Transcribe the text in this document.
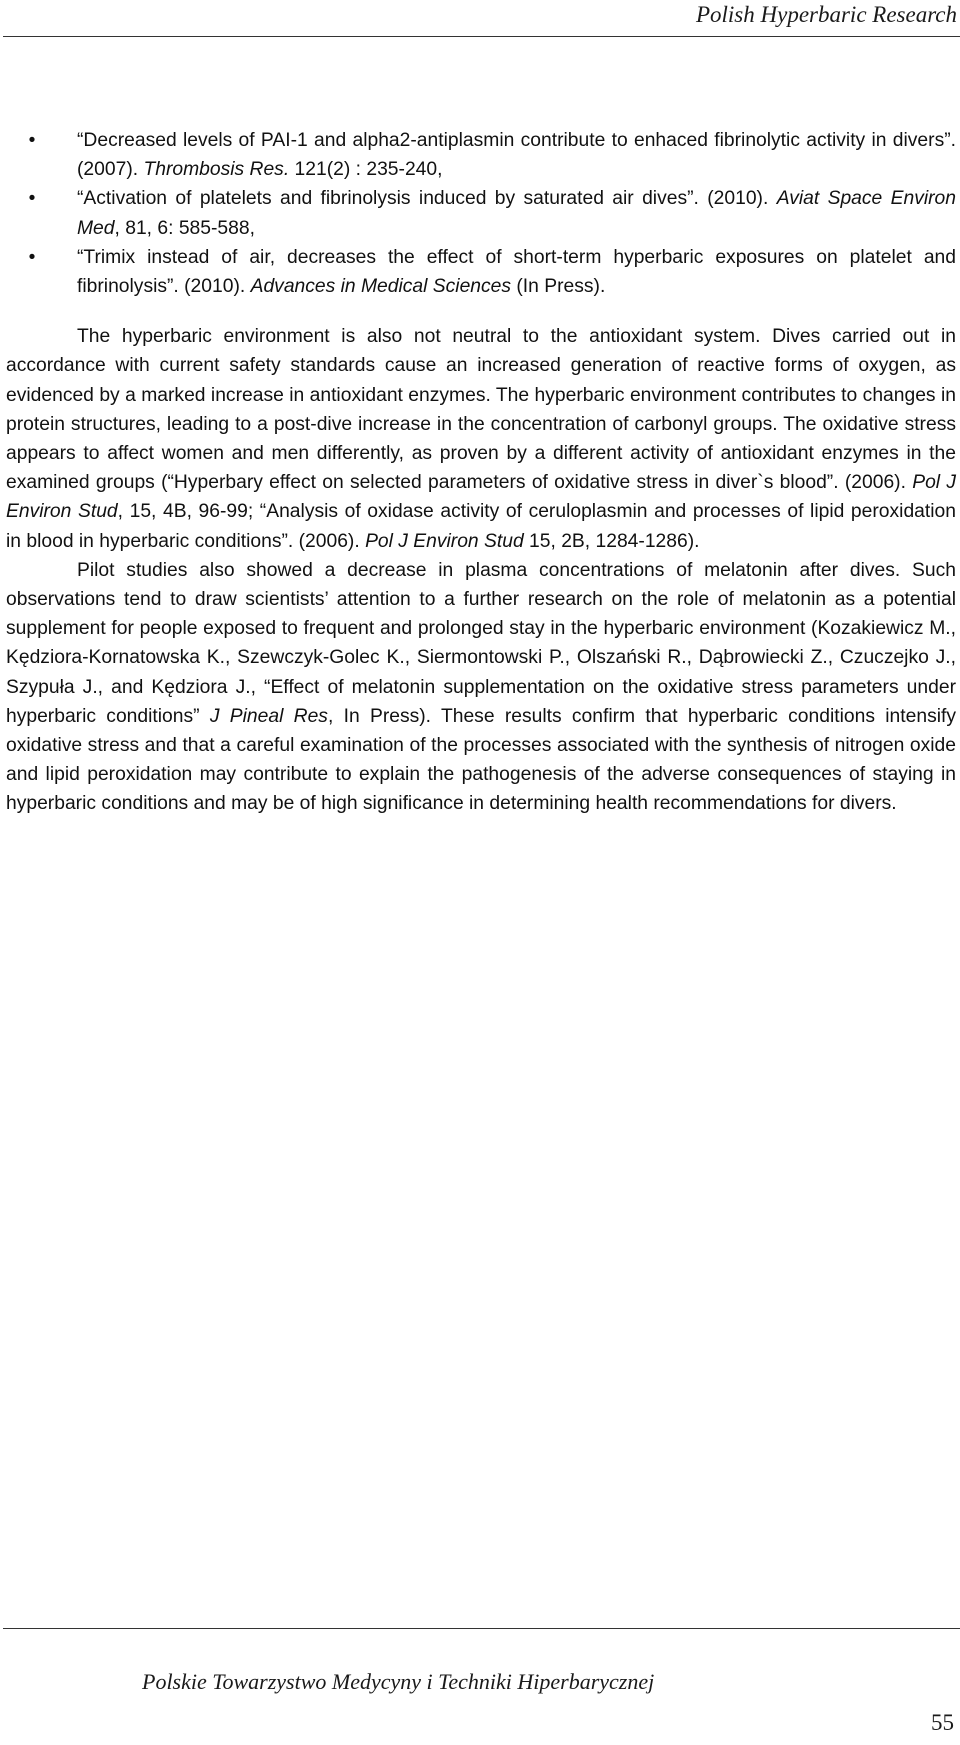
Polish Hyperbaric Research
• “Decreased levels of PAI-1 and alpha2-antiplasmin contribute to enhaced fibrinolytic activity in divers”. (2007). Thrombosis Res. 121(2) : 235-240,
• “Activation of platelets and fibrinolysis induced by saturated air dives”. (2010). Aviat Space Environ Med, 81, 6: 585-588,
• “Trimix instead of air, decreases the effect of short-term hyperbaric exposures on platelet and fibrinolysis”. (2010). Advances in Medical Sciences (In Press).

The hyperbaric environment is also not neutral to the antioxidant system. Dives carried out in accordance with current safety standards cause an increased generation of reactive forms of oxygen, as evidenced by a marked increase in antioxidant enzymes. The hyperbaric environment contributes to changes in protein structures, leading to a post-dive increase in the concentration of carbonyl groups. The oxidative stress appears to affect women and men differently, as proven by a different activity of antioxidant enzymes in the examined groups (“Hyperbary effect on selected parameters of oxidative stress in diver`s blood”. (2006). Pol J Environ Stud, 15, 4B, 96-99; “Analysis of oxidase activity of ceruloplasmin and processes of lipid peroxidation in blood in hyperbaric conditions”. (2006). Pol J Environ Stud 15, 2B, 1284-1286).

Pilot studies also showed a decrease in plasma concentrations of melatonin after dives. Such observations tend to draw scientists’ attention to a further research on the role of melatonin as a potential supplement for people exposed to frequent and prolonged stay in the hyperbaric environment (Kozakiewicz M., Kędziora-Kornatowska K., Szewczyk-Golec K., Siermontowski P., Olszański R., Dąbrowiecki Z., Czuczejko J., Szypuła J., and Kędziora J., “Effect of melatonin supplementation on the oxidative stress parameters under hyperbaric conditions” J Pineal Res, In Press). These results confirm that hyperbaric conditions intensify oxidative stress and that a careful examination of the processes associated with the synthesis of nitrogen oxide and lipid peroxidation may contribute to explain the pathogenesis of the adverse consequences of staying in hyperbaric conditions and may be of high significance in determining health recommendations for divers.

Polskie Towarzystwo Medycyny i Techniki Hiperbarycznej
55
